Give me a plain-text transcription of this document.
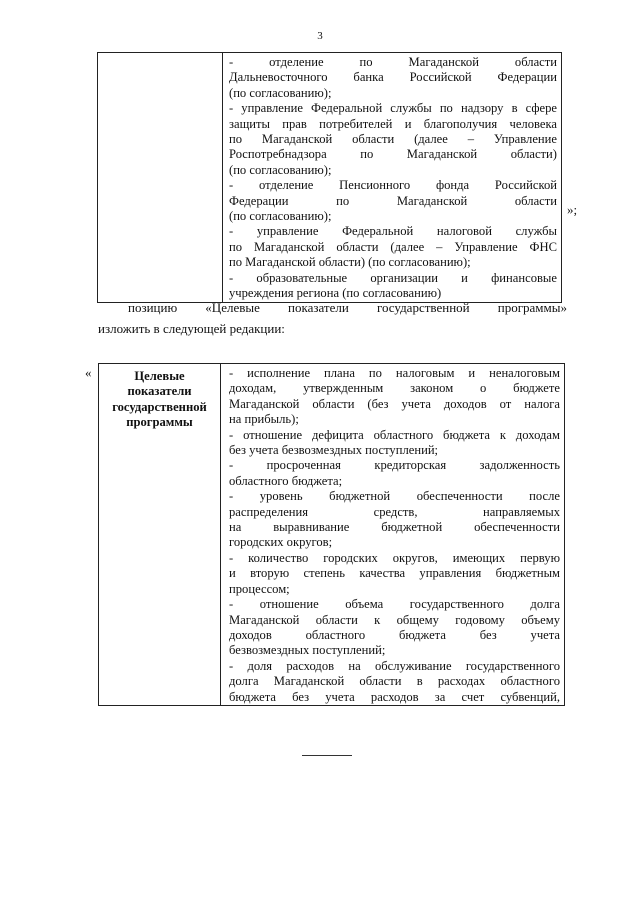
3

- отделение по Магаданской области
Дальневосточного банка Российской Федерации
(по согласованию);
- управление Федеральной службы по надзору в сфере
защиты прав потребителей и благополучия человека
по Магаданской области (далее – Управление
Роспотребнадзора по Магаданской области)
(по согласованию);
- отделение Пенсионного фонда Российской
Федерации по Магаданской области
(по согласованию);
- управление Федеральной налоговой службы
по Магаданской области (далее – Управление ФНС
по Магаданской области) (по согласованию);
- образовательные организации и финансовые
учреждения региона (по согласованию)
»;
позицию «Целевые показатели государственной программы»
изложить в следующей редакции:
«	Целевые
показатели
государственной
программы

- исполнение плана по налоговым и неналоговым
доходам, утвержденным законом о бюджете
Магаданской области (без учета доходов от налога
на прибыль);
- отношение дефицита областного бюджета к доходам
без учета безвозмездных поступлений;
- просроченная кредиторская задолженность
областного бюджета;
- уровень бюджетной обеспеченности после
распределения средств, направляемых
на выравнивание бюджетной обеспеченности
городских округов;
- количество городских округов, имеющих первую
и вторую степень качества управления бюджетным
процессом;
- отношение объема государственного долга
Магаданской области к общему годовому объему
доходов областного бюджета без учета
безвозмездных поступлений;
- доля расходов на обслуживание государственного
долга Магаданской области в расходах областного
бюджета без учета расходов за счет субвенций,
